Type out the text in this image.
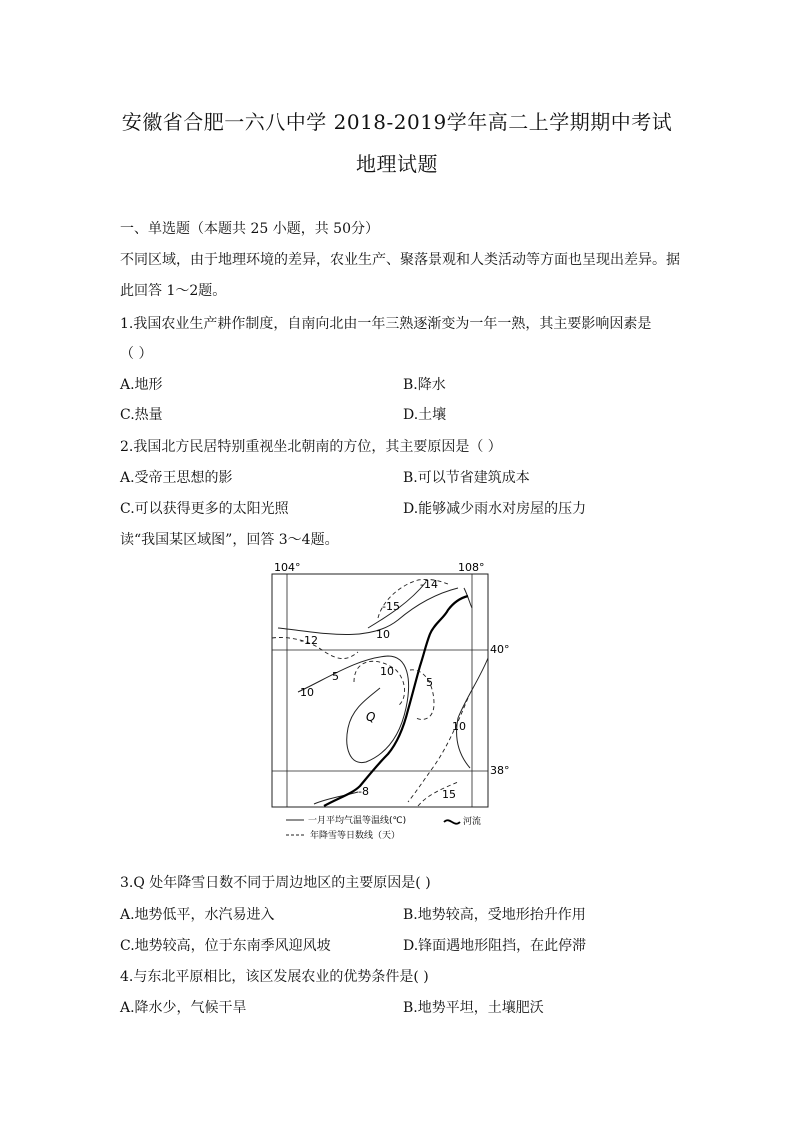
安徽省合肥一六八中学 2018-2019学年高二上学期期中考试
地理试题
一、单选题（本题共 25 小题，共 50分）
不同区域，由于地理环境的差异，农业生产、聚落景观和人类活动等方面也呈现出差异。据
此回答 1～2题。
1.我国农业生产耕作制度，自南向北由一年三熟逐渐变为一年一熟，其主要影响因素是
（ ）
A.地形	B.降水
C.热量	D.土壤
2.我国北方民居特别重视坐北朝南的方位，其主要原因是（ ）
A.受帝王思想的影	B.可以节省建筑成本
C.可以获得更多的太阳光照	D.能够减少雨水对房屋的压力
读“我国某区域图”，回答 3～4题。
104°	108°
40°
38°
-14
-15
10
-12
5
10
10
5
10
-8	15
Q
一月平均气温等温线(℃)	河流
年降雪等日数线（天）
3.Q 处年降雪日数不同于周边地区的主要原因是( )
A.地势低平，水汽易进入	B.地势较高，受地形抬升作用
C.地势较高，位于东南季风迎风坡	D.锋面遇地形阻挡，在此停滞
4.与东北平原相比，该区发展农业的优势条件是( )
A.降水少，气候干旱	B.地势平坦，土壤肥沃
